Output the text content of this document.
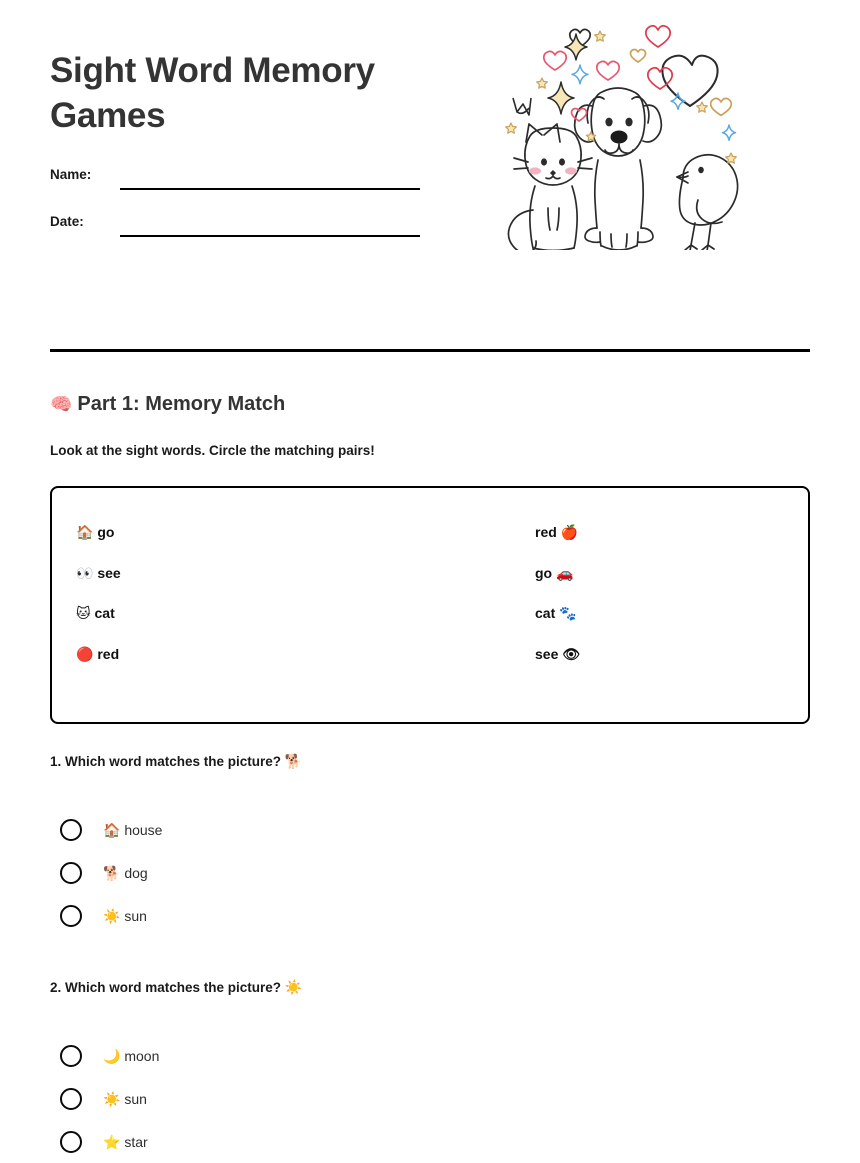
Sight Word Memory Games
Name:
Date:
🧠 Part 1: Memory Match
Look at the sight words. Circle the matching pairs!
🏠 go
👀 see
🐱 cat
🔴 red
red 🍎
go 🚗
cat 🐾
see 👁
1. Which word matches the picture? 🐕
🏠 house
🐕 dog
☀️ sun
2. Which word matches the picture? ☀️
🌙 moon
☀️ sun
⭐ star
